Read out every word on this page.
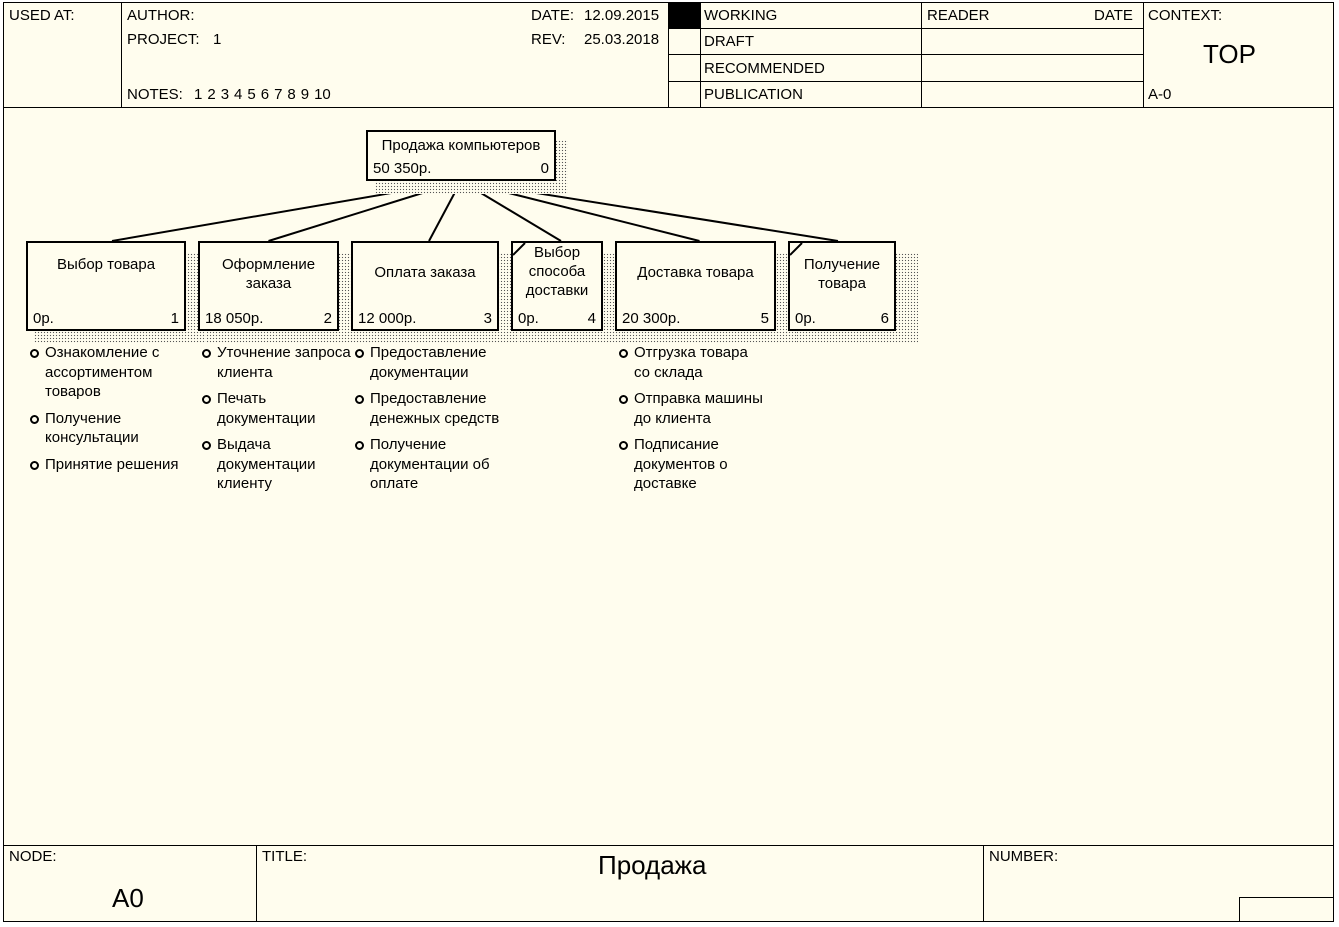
USED AT:	AUTHOR:
PROJECT: 1
DATE: 12.09.2015
REV: 25.03.2018
NOTES: 1 2 3 4 5 6 7 8 9 10
WORKING
DRAFT
RECOMMENDED
PUBLICATION
READER	DATE CONTEXT:
TOP
A-0
Продажа компьютеров
50 350р.	0
Выбор товара
0р.	1
Ознакомление с ассортиментом товаров
Получение консультации
Принятие решения
Оформление заказа
18 050р.	2
Уточнение запроса клиента
Печать документации
Выдача документации клиенту
Оплата заказа
12 000р.	3
Предоставление документации
Предоставление денежных средств
Получение документации об оплате
Выбор способа доставки
0р.	4
Доставка товара
20 300р.	5
Отгрузка товара со склада
Отправка машины до клиента
Подписание документов о доставке
Получение товара
0р.	6
NODE:
A0
TITLE:	Продажа	NUMBER:
